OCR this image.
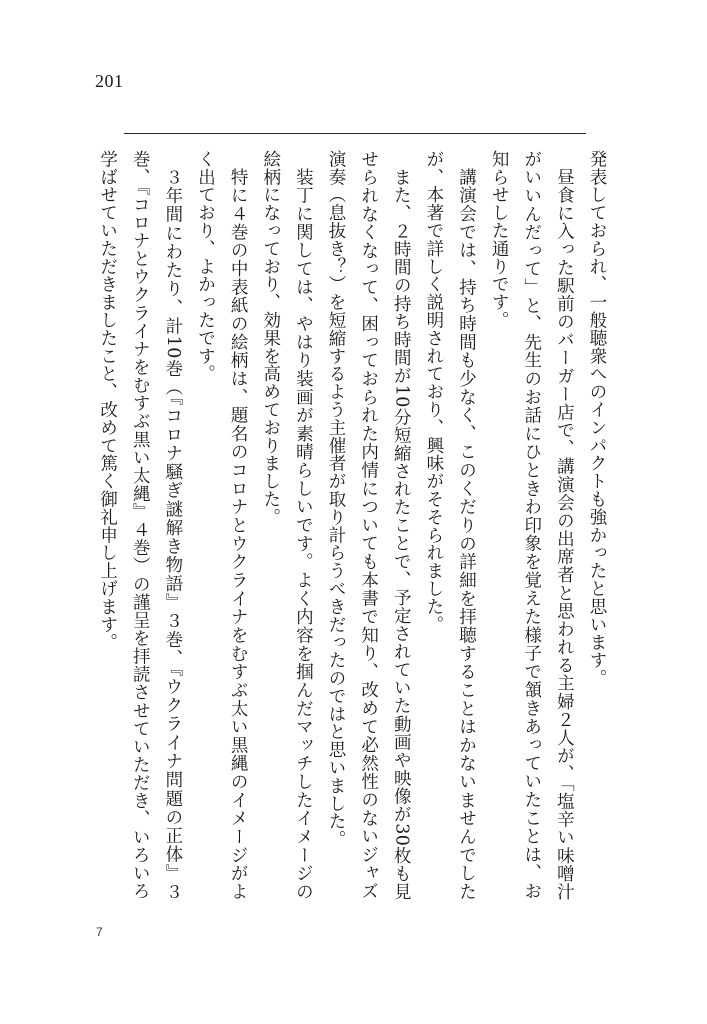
201

発表しておられ、一般聴衆へのインパクトも強かったと思います。

昼食に入った駅前のバーガー店で、講演会の出席者と思われる主婦２人が、「塩辛い味噌汁がいいんだって」と、先生のお話にひときわ印象を覚えた様子で頷きあっていたことは、お知らせした通りです。

講演会では、持ち時間も少なく、このくだりの詳細を拝聴することはかないませんでしたが、本著で詳しく説明されており、興味がそそられました。

また、２時間の持ち時間が10分短縮されたことで、予定されていた動画や映像が30枚も見せられなくなって、困っておられた内情についても本書で知り、改めて必然性のないジャズ演奏（息抜き？）を短縮するよう主催者が取り計らうべきだったのではと思いました。

装丁に関しては、やはり装画が素晴らしいです。よく内容を掴んだマッチしたイメージの絵柄になっており、効果を高めておりました。

特に４巻の中表紙の絵柄は、題名のコロナとウクライナをむすぶ太い黒縄のイメージがよく出ており、よかったです。

３年間にわたり、計10巻（『コロナ騒ぎ謎解き物語』３巻、『ウクライナ問題の正体』３巻、『コロナとウクライナをむすぶ黒い太縄』４巻）の謹呈を拝読させていただき、いろいろ学ばせていただきましたこと、改めて篤く御礼申し上げます。

7
